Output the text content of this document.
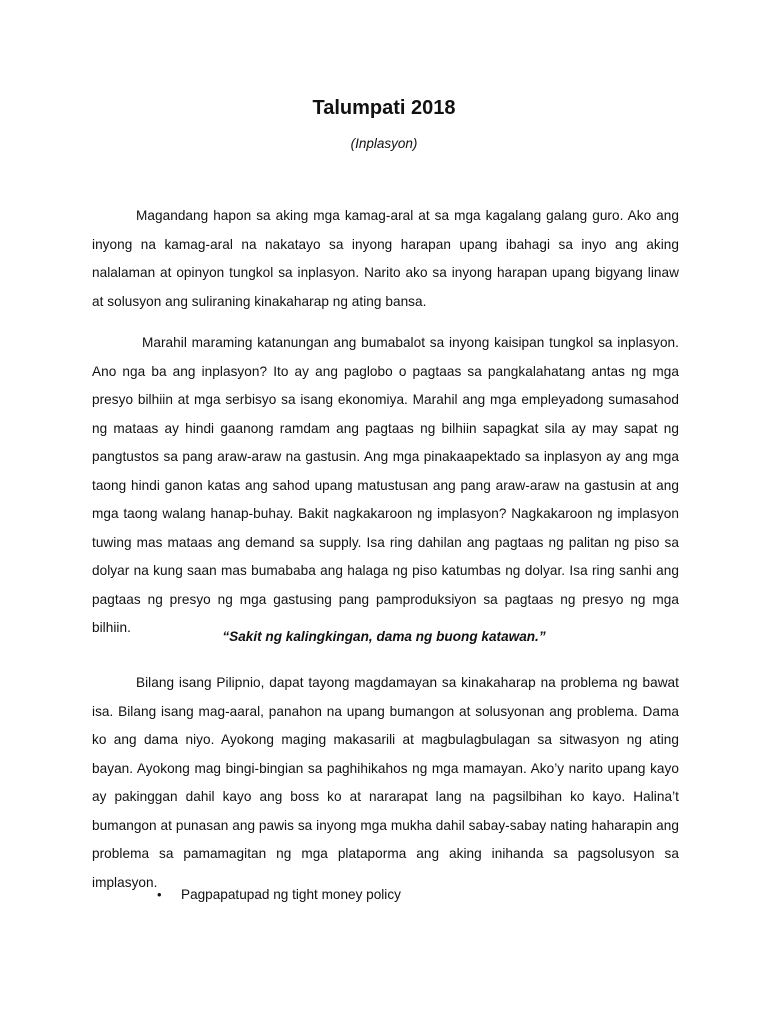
Talumpati 2018
(Inplasyon)

Magandang hapon sa aking mga kamag-aral at sa mga kagalang galang guro. Ako ang inyong na kamag-aral na nakatayo sa inyong harapan upang ibahagi sa inyo ang aking nalalaman at opinyon tungkol sa inplasyon. Narito ako sa inyong harapan upang bigyang linaw at solusyon ang suliraning kinakaharap ng ating bansa.

Marahil maraming katanungan ang bumabalot sa inyong kaisipan tungkol sa inplasyon. Ano nga ba ang inplasyon? Ito ay ang paglobo o pagtaas sa pangkalahatang antas ng mga presyo bilhiin at mga serbisyo sa isang ekonomiya. Marahil ang mga empleyadong sumasahod ng mataas ay hindi gaanong ramdam ang pagtaas ng bilhiin sapagkat sila ay may sapat ng pangtustos sa pang araw-araw na gastusin. Ang mga pinakaapektado sa inplasyon ay ang mga taong hindi ganon katas ang sahod upang matustusan ang pang araw-araw na gastusin at ang mga taong walang hanap-buhay. Bakit nagkakaroon ng implasyon? Nagkakaroon ng implasyon tuwing mas mataas ang demand sa supply. Isa ring dahilan ang pagtaas ng palitan ng piso sa dolyar na kung saan mas bumababa ang halaga ng piso katumbas ng dolyar. Isa ring sanhi ang pagtaas ng presyo ng mga gastusing pang pamproduksiyon sa pagtaas ng presyo ng mga bilhiin.

“Sakit ng kalingkingan, dama ng buong katawan.”

Bilang isang Pilipnio, dapat tayong magdamayan sa kinakaharap na problema ng bawat isa. Bilang isang mag-aaral, panahon na upang bumangon at solusyonan ang problema. Dama ko ang dama niyo. Ayokong maging makasarili at magbulagbulagan sa sitwasyon ng ating bayan. Ayokong mag bingi-bingian sa paghihikahos ng mga mamayan. Ako’y narito upang kayo ay pakinggan dahil kayo ang boss ko at nararapat lang na pagsilbihan ko kayo. Halina’t bumangon at punasan ang pawis sa inyong mga mukha dahil sabay-sabay nating haharapin ang problema sa pamamagitan ng mga plataporma ang aking inihanda sa pagsolusyon sa implasyon.

•	Pagpapatupad ng tight money policy
